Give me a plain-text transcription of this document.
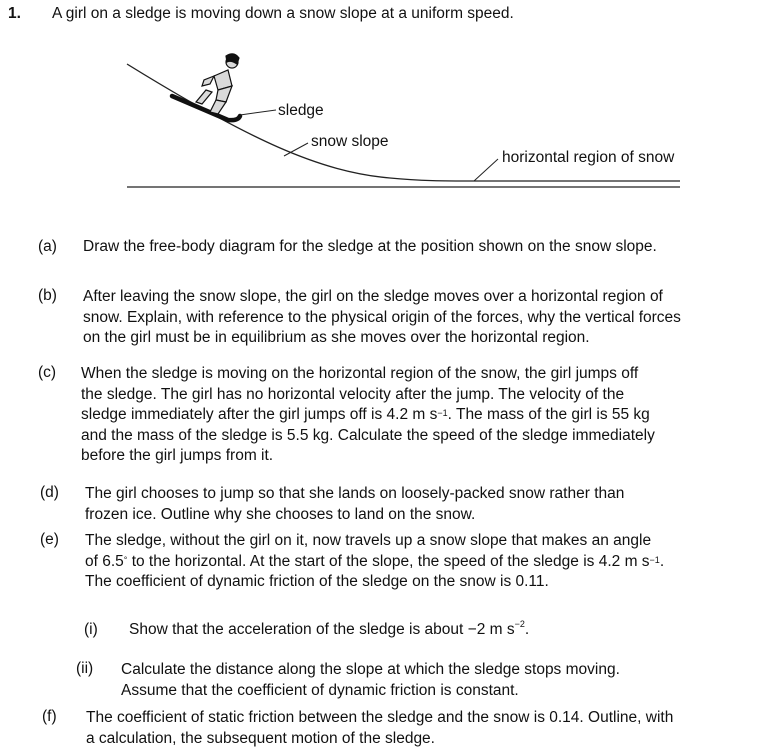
1. A girl on a sledge is moving down a snow slope at a uniform speed.
sledge
snow slope
horizontal region of snow
(a) Draw the free-body diagram for the sledge at the position shown on the snow slope.
(b) After leaving the snow slope, the girl on the sledge moves over a horizontal region of
snow. Explain, with reference to the physical origin of the forces, why the vertical forces
on the girl must be in equilibrium as she moves over the horizontal region.
(c) When the sledge is moving on the horizontal region of the snow, the girl jumps off
the sledge. The girl has no horizontal velocity after the jump. The velocity of the
sledge immediately after the girl jumps off is 4.2 m $s^{-1}$. The mass of the girl is 55 kg
and the mass of the sledge is 5.5 kg. Calculate the speed of the sledge immediately
before the girl jumps from it.
(d) The girl chooses to jump so that she lands on loosely-packed snow rather than
frozen ice. Outline why she chooses to land on the snow.
(e) The sledge, without the girl on it, now travels up a snow slope that makes an angle
of 6.5° to the horizontal. At the start of the slope, the speed of the sledge is 4.2 m $s^{-1}$.
The coefficient of dynamic friction of the sledge on the snow is 0.11.
(i) Show that the acceleration of the sledge is about −2 m $s^{-2}$.
(ii) Calculate the distance along the slope at which the sledge stops moving.
Assume that the coefficient of dynamic friction is constant.
(f) The coefficient of static friction between the sledge and the snow is 0.14. Outline, with
a calculation, the subsequent motion of the sledge.
